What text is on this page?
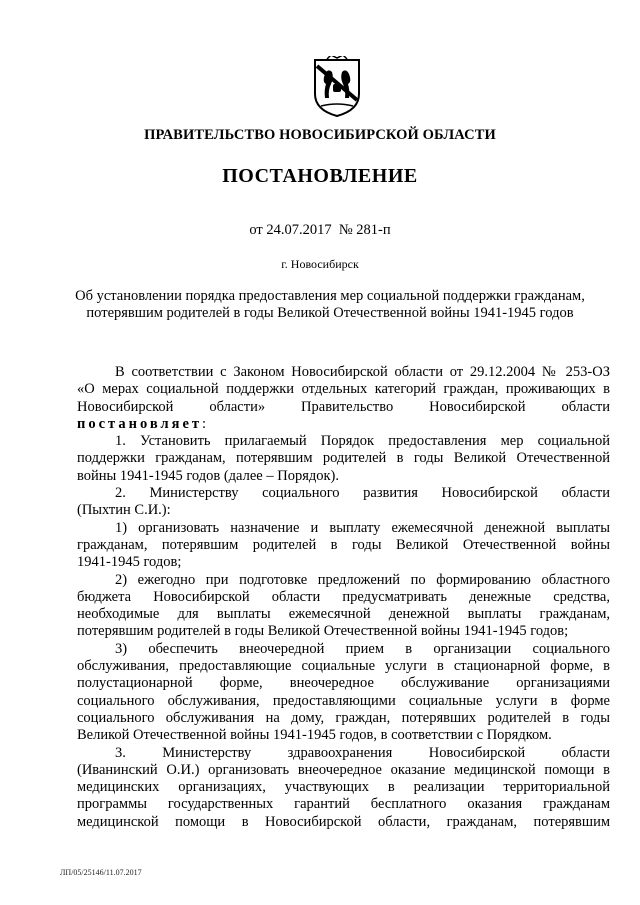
ПРАВИТЕЛЬСТВО НОВОСИБИРСКОЙ ОБЛАСТИ
ПОСТАНОВЛЕНИЕ
от 24.07.2017  № 281-п
г. Новосибирск
Об установлении порядка предоставления мер социальной поддержки гражданам,
потерявшим родителей в годы Великой Отечественной войны 1941-1945 годов

В соответствии с Законом Новосибирской области от 29.12.2004 № 253-ОЗ

«О мерах социальной поддержки отдельных категорий граждан, проживающих в

Новосибирской области» Правительство Новосибирской области

постановляет:

1. Установить прилагаемый Порядок предоставления мер социальной

поддержки гражданам, потерявшим родителей в годы Великой Отечественной

войны 1941-1945 годов (далее – Порядок).

2. Министерству социального развития Новосибирской области

(Пыхтин С.И.):

1) организовать назначение и выплату ежемесячной денежной выплаты

гражданам, потерявшим родителей в годы Великой Отечественной войны

1941-1945 годов;

2) ежегодно при подготовке предложений по формированию областного

бюджета Новосибирской области предусматривать денежные средства,

необходимые для выплаты ежемесячной денежной выплаты гражданам,

потерявшим родителей в годы Великой Отечественной войны 1941-1945 годов;

3) обеспечить внеочередной прием в организации социального

обслуживания, предоставляющие социальные услуги в стационарной форме, в

полустационарной форме, внеочередное обслуживание организациями

социального обслуживания, предоставляющими социальные услуги в форме

социального обслуживания на дому, граждан, потерявших родителей в годы

Великой Отечественной войны 1941-1945 годов, в соответствии с Порядком.

3. Министерству здравоохранения Новосибирской области

(Иванинский О.И.) организовать внеочередное оказание медицинской помощи в

медицинских организациях, участвующих в реализации территориальной

программы государственных гарантий бесплатного оказания гражданам

медицинской помощи в Новосибирской области, гражданам, потерявшим

ЛП/05/25146/11.07.2017
